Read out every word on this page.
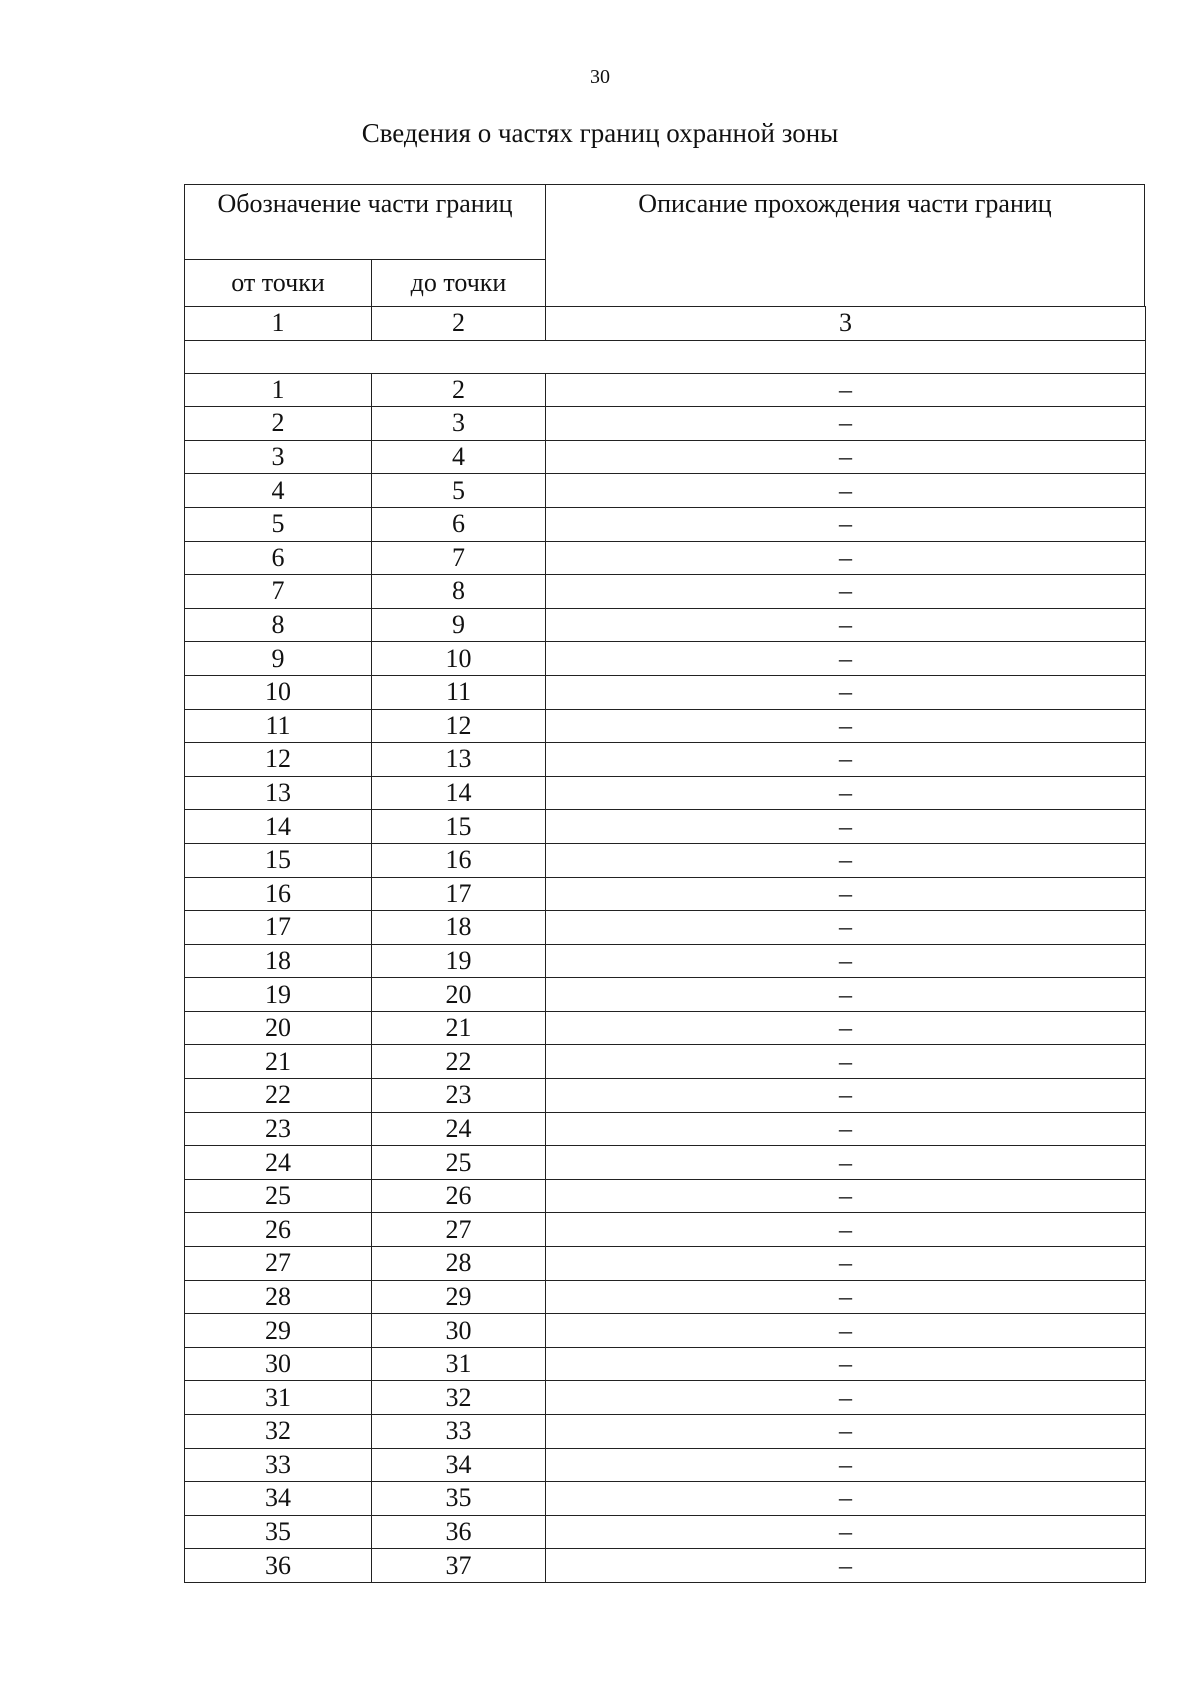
30
Сведения о частях границ охранной зоны
Обозначение части границ		Описание прохождения части границ
от точки	до точки	
1	2	3

1	2	–
2	3	–
3	4	–
4	5	–
5	6	–
6	7	–
7	8	–
8	9	–
9	10	–
10	11	–
11	12	–
12	13	–
13	14	–
14	15	–
15	16	–
16	17	–
17	18	–
18	19	–
19	20	–
20	21	–
21	22	–
22	23	–
23	24	–
24	25	–
25	26	–
26	27	–
27	28	–
28	29	–
29	30	–
30	31	–
31	32	–
32	33	–
33	34	–
34	35	–
35	36	–
36	37	–
